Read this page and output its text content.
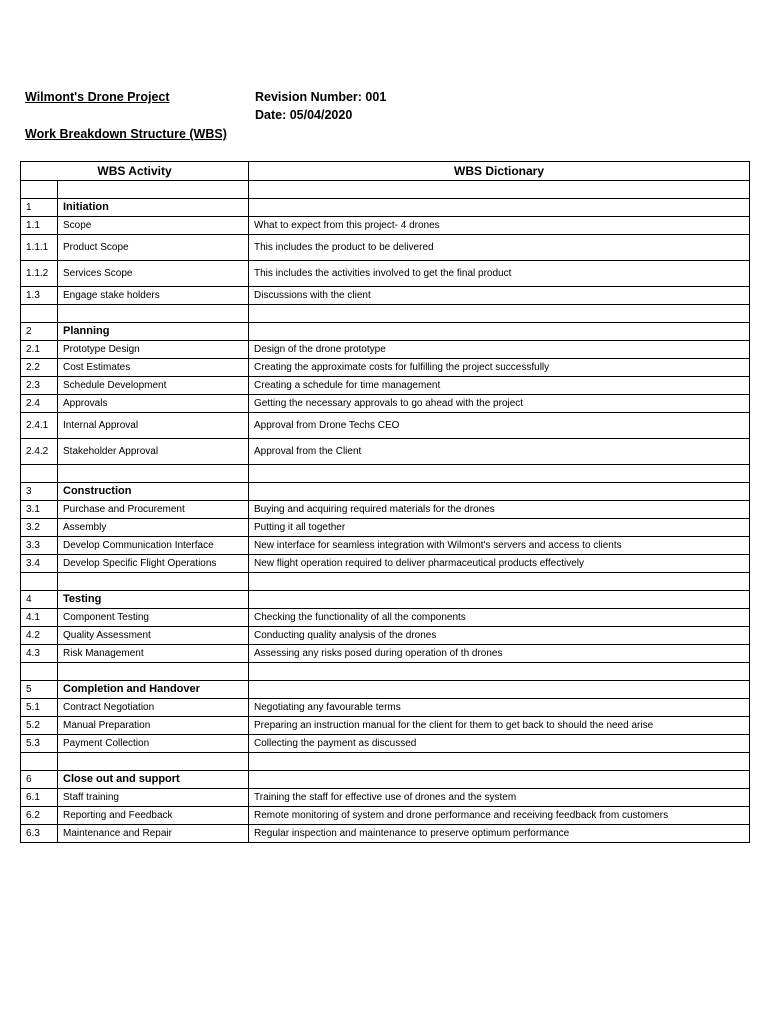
Wilmont's Drone Project	Revision Number: 001
Date: 05/04/2020
Work Breakdown Structure (WBS)
WBS Activity		WBS Dictionary

1	Initiation	
1.1	Scope	What to expect from this project- 4 drones
1.1.1	Product Scope	This includes the product to be delivered
1.1.2	Services Scope	This includes the activities involved to get the final product
1.3	Engage stake holders	Discussions with the client

2	Planning	
2.1	Prototype Design	Design of the drone prototype
2.2	Cost Estimates	Creating the approximate costs for fulfilling the project successfully
2.3	Schedule Development	Creating a schedule for time management
2.4	Approvals	Getting the necessary approvals to go ahead with the project
2.4.1	Internal Approval	Approval from Drone Techs CEO
2.4.2	Stakeholder Approval	Approval from the Client

3	Construction	
3.1	Purchase and Procurement	Buying and acquiring required materials for the drones
3.2	Assembly	Putting it all together
3.3	Develop Communication Interface	New interface for seamless integration with Wilmont's servers and access to clients
3.4	Develop Specific Flight Operations	New flight operation required to deliver pharmaceutical products effectively

4	Testing	
4.1	Component Testing	Checking the functionality of all the components
4.2	Quality Assessment	Conducting quality analysis of the drones
4.3	Risk Management	Assessing any risks posed during operation of th drones

5	Completion and Handover	
5.1	Contract Negotiation	Negotiating any favourable terms
5.2	Manual Preparation	Preparing an instruction manual for the client for them to get back to should the need arise
5.3	Payment Collection	Collecting the payment as discussed

6	Close out and support	
6.1	Staff training	Training the staff for effective use of drones and the system
6.2	Reporting and Feedback	Remote monitoring of system and drone performance and receiving feedback from customers
6.3	Maintenance and Repair	Regular inspection and maintenance to preserve optimum performance
